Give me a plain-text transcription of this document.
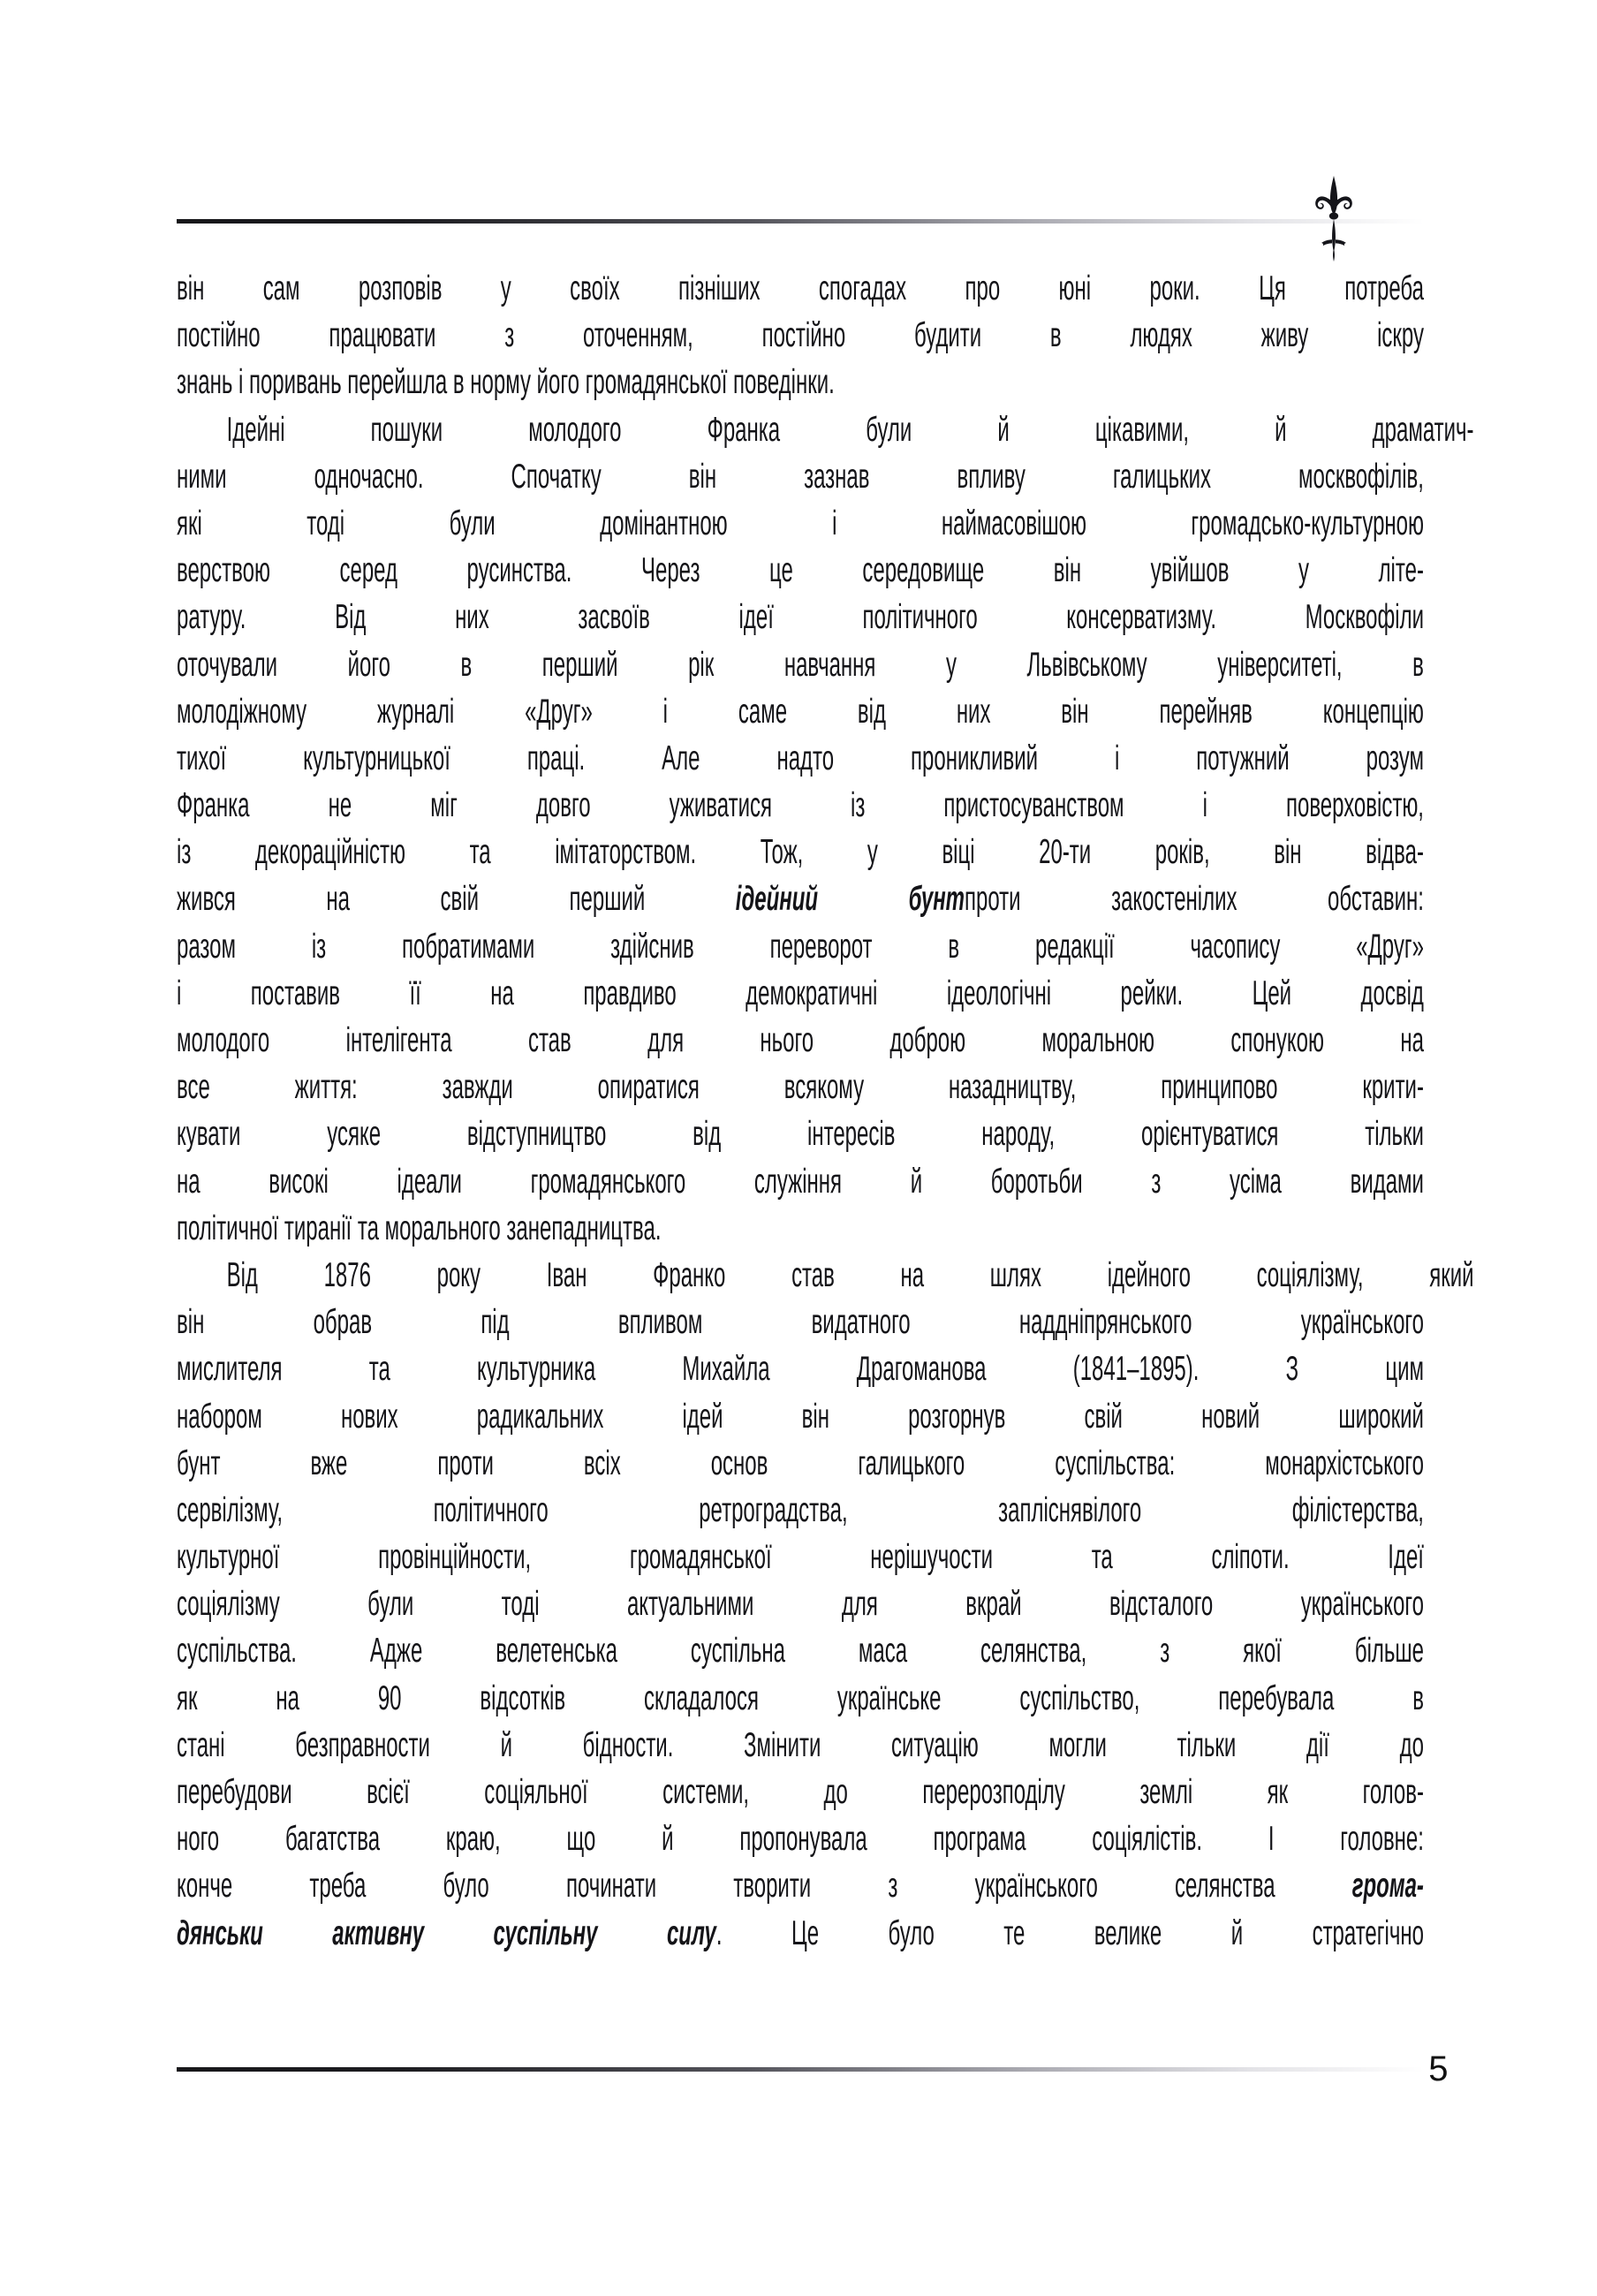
він сам розповів у своїх пізніших спогадах про юні роки. Ця потреба
постійно працювати з оточенням, постійно будити в людях живу іскру
знань і поривань перейшла в норму його громадянської поведінки.
Ідейні пошуки молодого Франка були й цікавими, й драматич-
ними	одночасно.	Спочатку	він	зазнав	впливу	галицьких	москвофілів,
які	тоді	були	домінантною	і	наймасовішою	громадсько-культурною
верствою серед русинства. Через це середовище він увійшов у літе-
ратуру.	Від	них	засвоїв	ідеї	політичного	консерватизму.	Москвофіли
оточували його в перший рік навчання у Львівському університеті, в
молодіжному журналі «Друг» і саме від них він перейняв концепцію
тихої культурницької праці. Але надто проникливий і потужний розум
Франка не міг довго уживатися із пристосуванством і поверховістю,
із декораційністю та імітаторством. Тож, у віці 20-ти років, він відва-
жився	на	свій	перший	ідейний	бунтпроти	закостенілих	обставин:
разом із побратимами здійснив переворот в редакції часопису «Друг»
і поставив її на правдиво демократичні ідеологічні рейки. Цей досвід
молодого інтелігента став для нього доброю моральною спонукою на
все життя: завжди опиратися всякому назадництву, принципово крити-
кувати	усяке	відступництво	від	інтересів	народу,	орієнтуватися	тільки
на високі ідеали громадянського служіння й боротьби з усіма видами
політичної тиранії та морального занепадництва.
Від 1876 року Іван Франко став на шлях ідейного соціялізму, який
він	обрав	під	впливом	видатного	наддніпрянського	українського
мислителя	та	культурника	Михайла	Драгоманова	(1841–1895).	З	цим
набором нових радикальних ідей він розгорнув свій новий широкий
бунт	вже	проти	всіх	основ	галицького	суспільства:	монархістського
сервілізму,	політичного	ретроградства,	запліснявілого	філістерства,
культурної	провінційности,	громадянської	нерішучости	та	сліпоти.	Ідеї
соціялізму	були	тоді	актуальними	для	вкрай	відсталого	українського
суспільства. Адже велетенська суспільна маса селянства, з якої більше
як на 90 відсотків складалося українське суспільство, перебувала в
стані безправности й бідности. Змінити ситуацію могли тільки дії до
перебудови всієї соціяльної системи, до перерозподілу землі як голов-
ного багатства краю, що й пропонувала програма соціялістів. І головне:
конче треба було починати творити з українського селянства грома-
дянськи активну суспільну силу. Це було те велике й стратегічно
5
